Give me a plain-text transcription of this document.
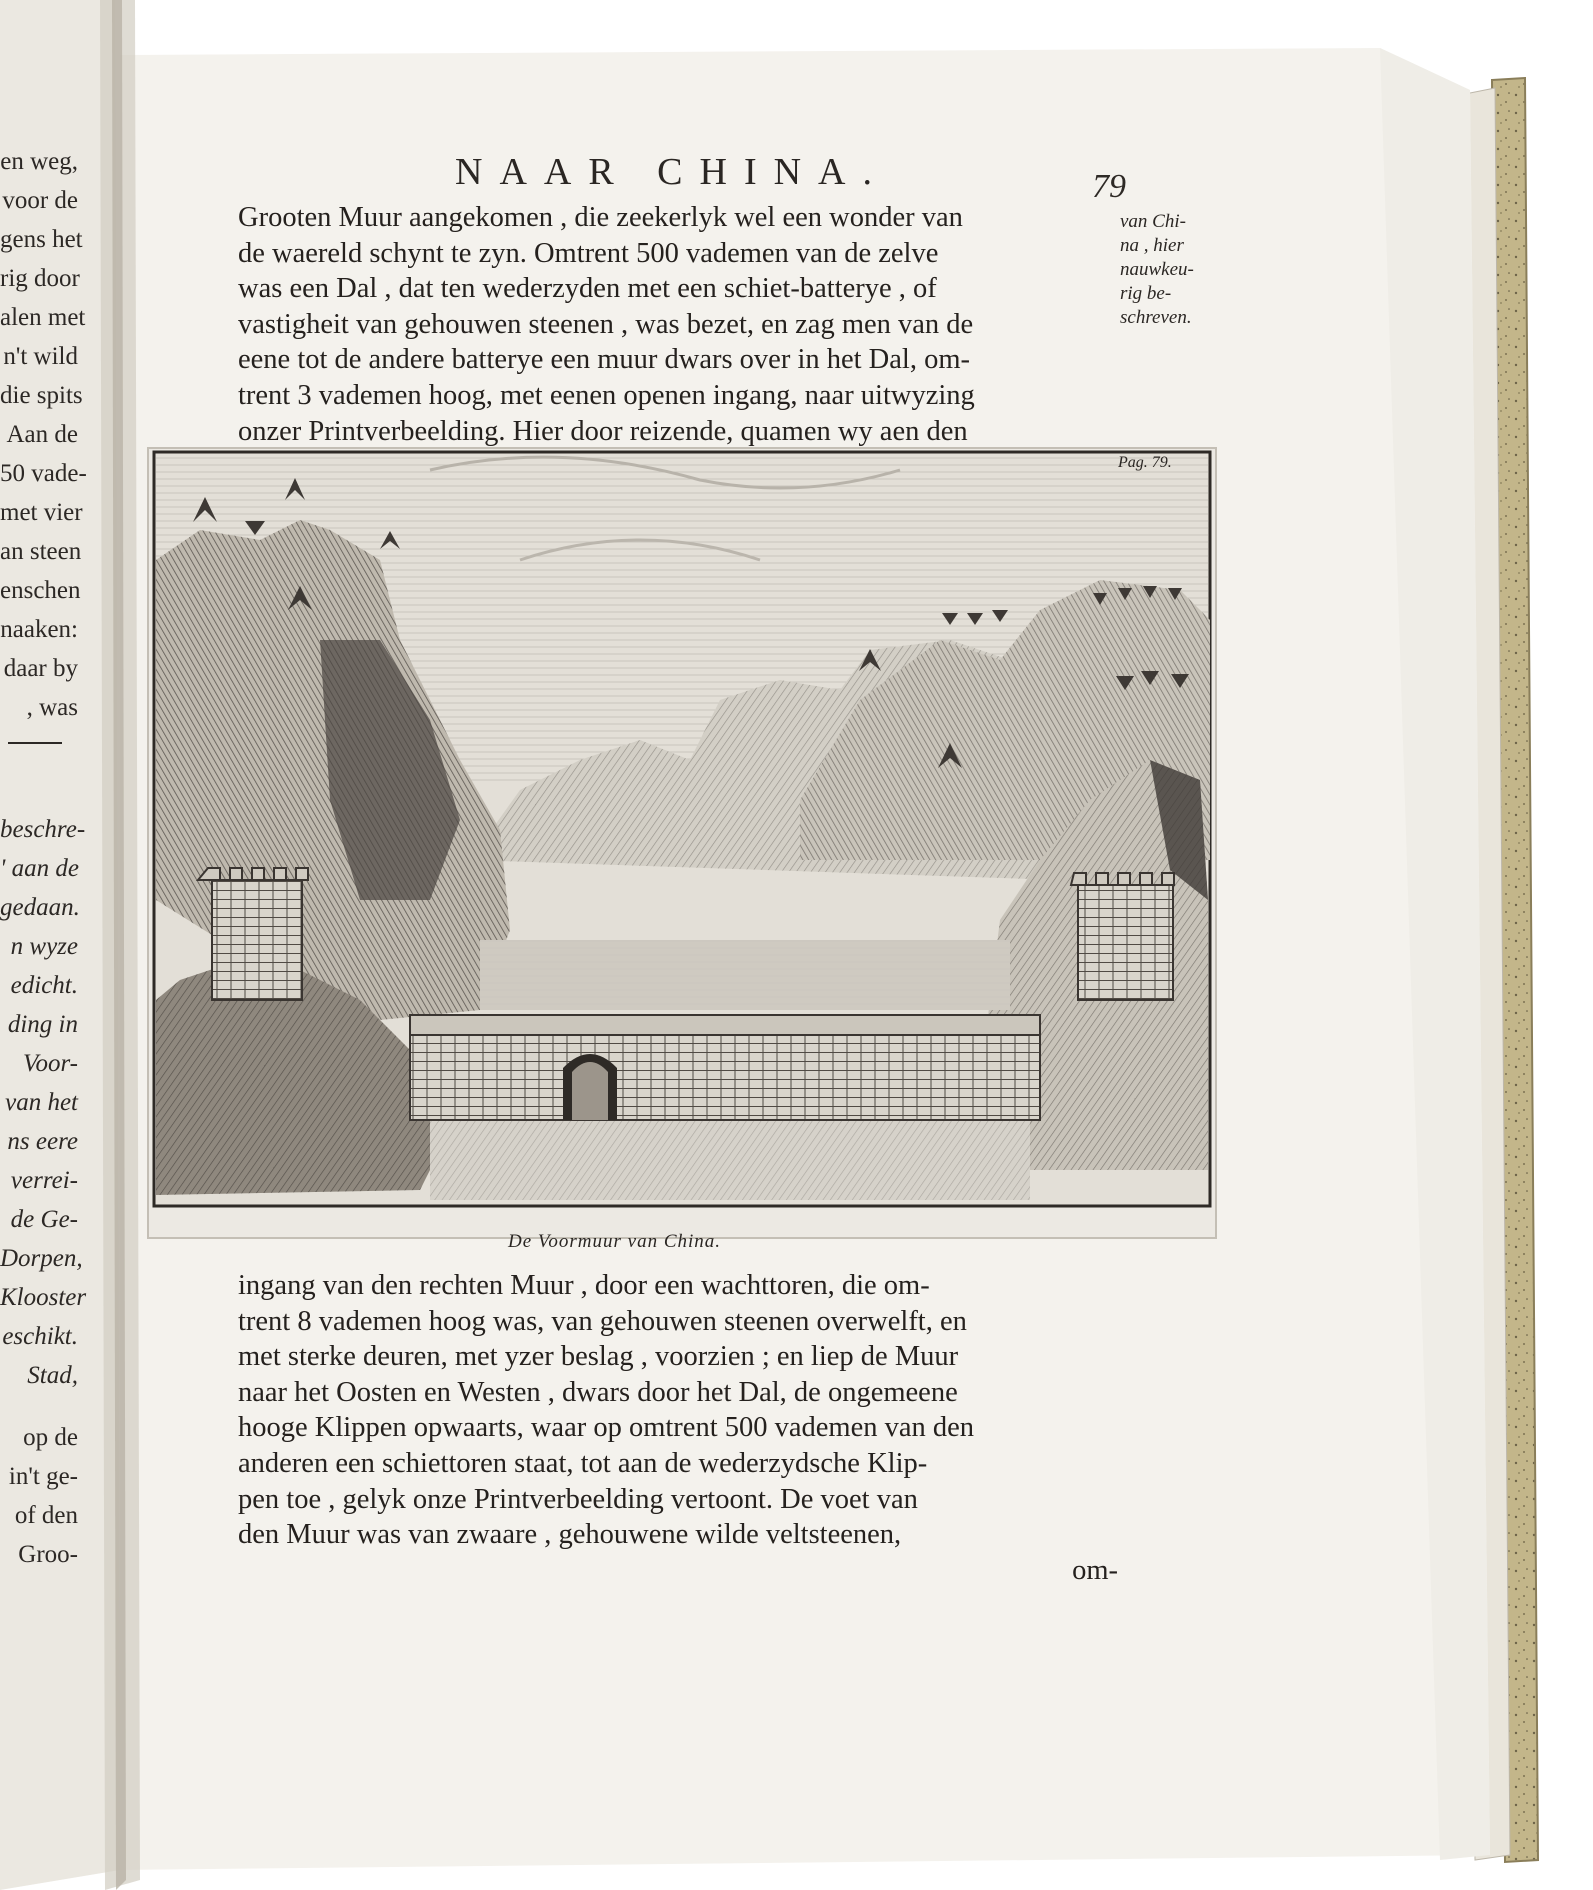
NAAR CHINA.	79
Grooten Muur aangekomen , die zeekerlyk wel een wonder van
de waereld schynt te zyn. Omtrent 500 vademen van de zelve
was een Dal , dat ten wederzyden met een schiet-batterye , of
vastigheit van gehouwen steenen , was bezet, en zag men van de
eene tot de andere batterye een muur dwars over in het Dal, om-
trent 3 vademen hoog, met eenen openen ingang, naar uitwyzing
onzer Printverbeelding. Hier door reizende, quamen wy aen den
van Chi-
na , hier
nauwkeu-
rig be-
schreven.
Pag. 79.
De Voormuur van China.
ingang van den rechten Muur , door een wachttoren, die om-
trent 8 vademen hoog was, van gehouwen steenen overwelft, en
met sterke deuren, met yzer beslag , voorzien ; en liep de Muur
naar het Oosten en Westen , dwars door het Dal, de ongemeene
hooge Klippen opwaarts, waar op omtrent 500 vademen van den
anderen een schiettoren staat, tot aan de wederzydsche Klip-
pen toe , gelyk onze Printverbeelding vertoont. De voet van
den Muur was van zwaare , gehouwene wilde veltsteenen,
om-
en weg,
voor de
gens het
rig door
alen met
n't wild
die spits
Aan de
50 vade-
met vier
an steen
enschen
naaken:
daar by
, was
beschre-
' aan de
gedaan.
n wyze
edicht.
ding in
Voor-
van het
ns eere
verrei-
de Ge-
Dorpen,
Klooster
eschikt.
Stad,
op de
in't ge-
of den
Groo-
